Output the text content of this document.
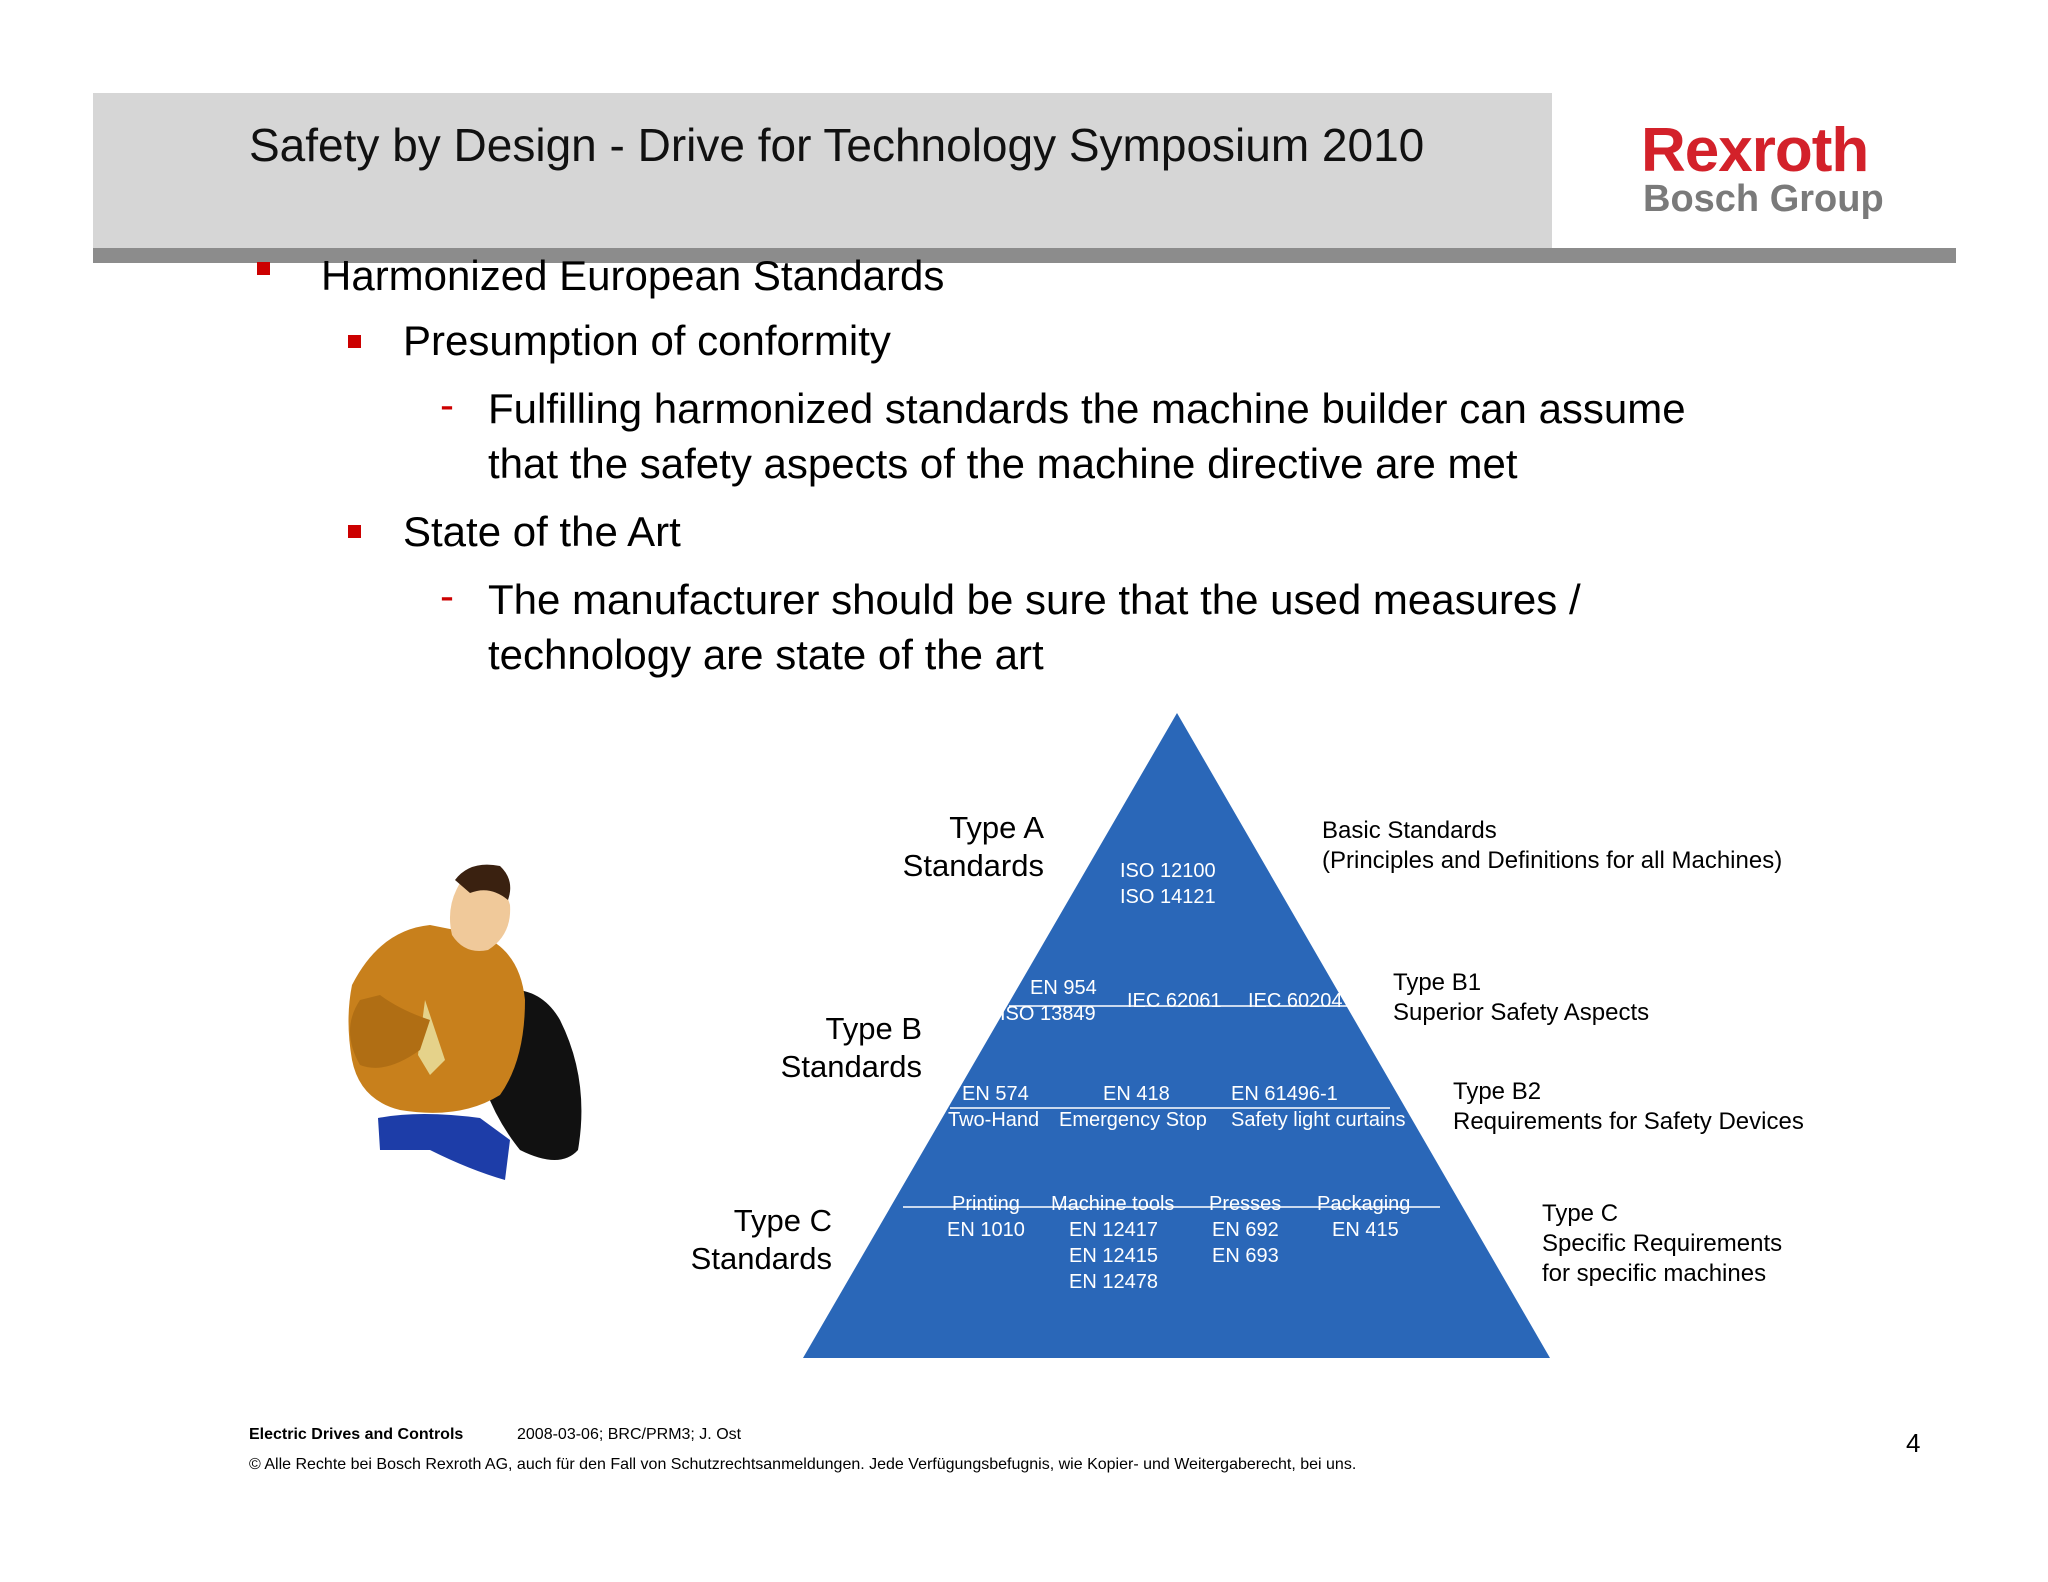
Safety by Design - Drive for Technology Symposium 2010	Rexroth
Bosch Group
Harmonized European Standards
Presumption of conformity
- Fulfilling harmonized standards the machine builder can assume
that the safety aspects of the machine directive are met
State of the Art
- The manufacturer should be sure that the used measures /
technology are state of the art
ISO 12100
ISO 14121
EN 954
ISO 13849
IEC 62061 IEC 60204
EN 574
Two-Hand
EN 418
Emergency Stop
EN 61496-1
Safety light curtains
Printing
EN 1010
Machine tools
EN 12417
EN 12415
EN 12478
Presses
EN 692
EN 693
Packaging
EN 415
Type A
Standards
Type B
Standards
Type C
Standards
Basic Standards
(Principles and Definitions for all Machines)
Type B1
Superior Safety Aspects
Type B2
Requirements for Safety Devices
Type C
Specific Requirements
for specific machines
Electric Drives and Controls	2008-03-06; BRC/PRM3; J. Ost
© Alle Rechte bei Bosch Rexroth AG, auch für den Fall von Schutzrechtsanmeldungen. Jede Verfügungsbefugnis, wie Kopier- und Weitergaberecht, bei uns.
4
